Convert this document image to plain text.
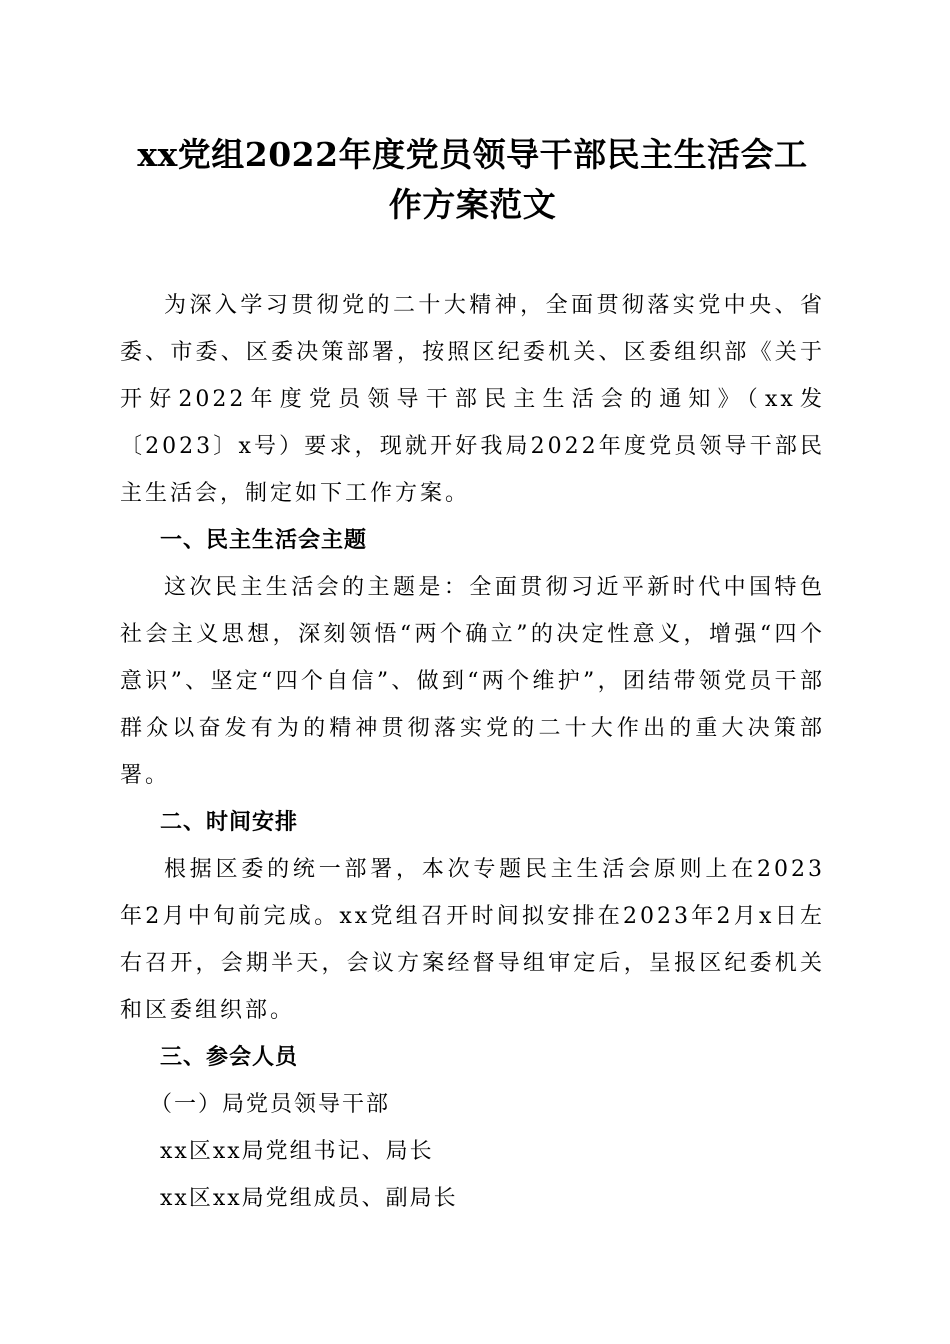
xx党组2022年度党员领导干部民主生活会工
作方案范文

为深入学习贯彻党的二十大精神，全面贯彻落实党中央、省委、市委、区委决策部署，按照区纪委机关、区委组织部《关于开好2022年度党员领导干部民主生活会的通知》（xx发〔2023〕x号）要求，现就开好我局2022年度党员领导干部民主生活会，制定如下工作方案。

一、民主生活会主题

这次民主生活会的主题是：全面贯彻习近平新时代中国特色社会主义思想，深刻领悟“两个确立”的决定性意义，增强“四个意识”、坚定“四个自信”、做到“两个维护”，团结带领党员干部群众以奋发有为的精神贯彻落实党的二十大作出的重大决策部署。

二、时间安排

根据区委的统一部署，本次专题民主生活会原则上在2023年2月中旬前完成。xx党组召开时间拟安排在2023年2月x日左右召开，会期半天，会议方案经督导组审定后，呈报区纪委机关和区委组织部。

三、参会人员

（一）局党员领导干部

xx区xx局党组书记、局长

xx区xx局党组成员、副局长
